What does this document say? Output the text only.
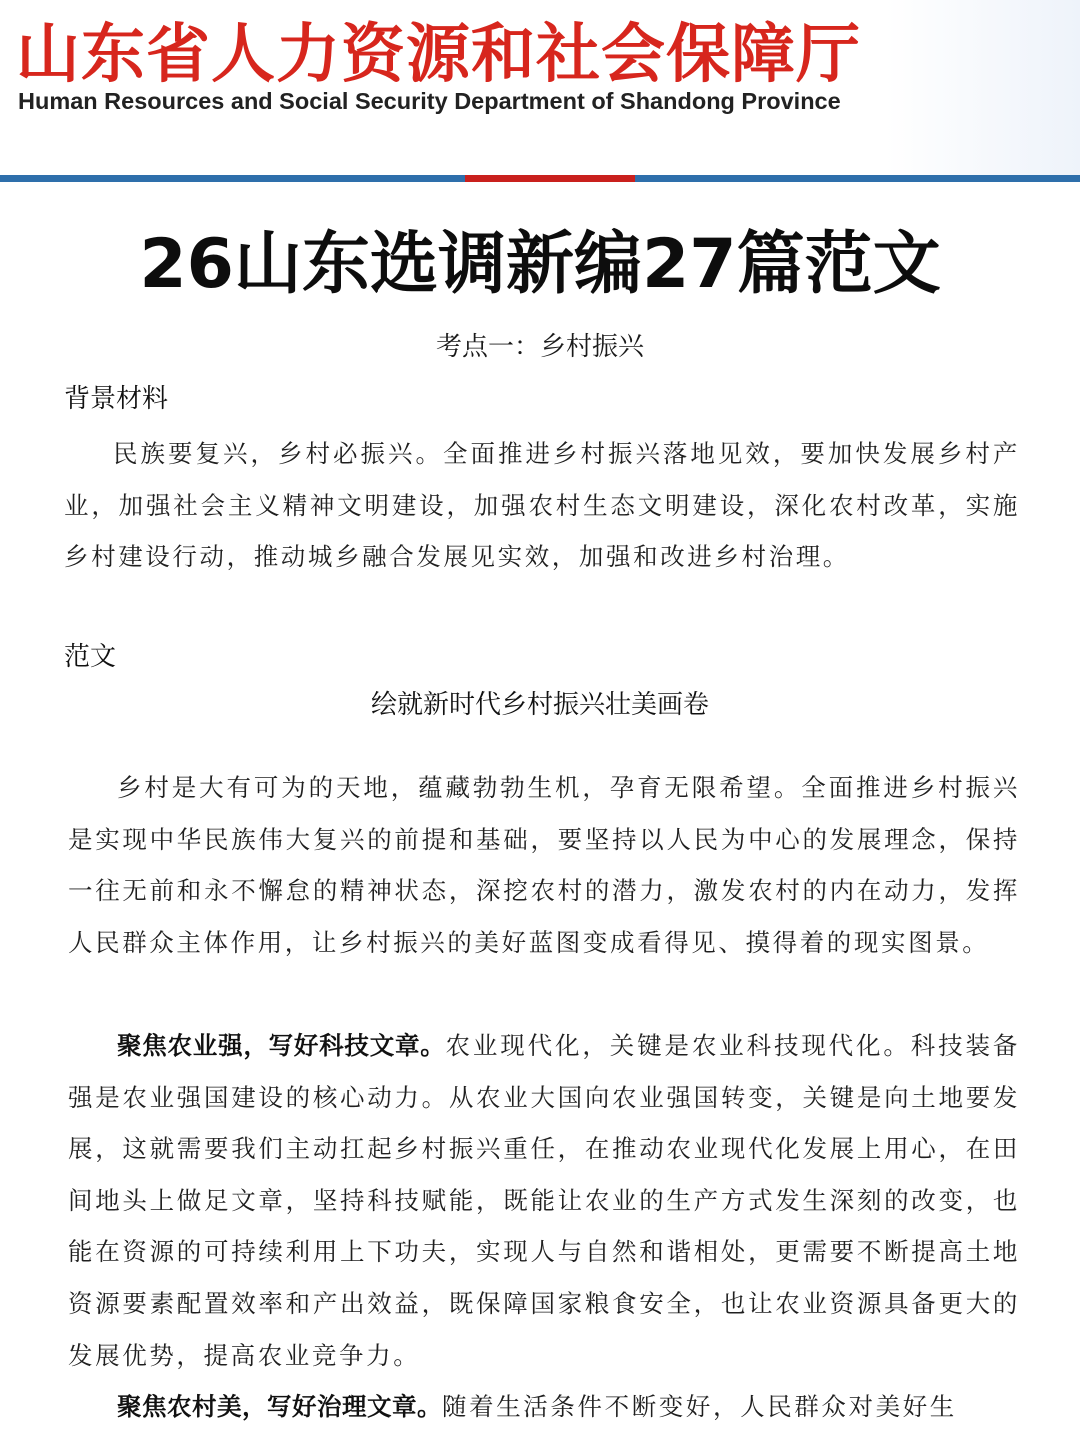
山东省人力资源和社会保障厅
Human Resources and Social Security Department of Shandong Province
26山东选调新编27篇范文
考点一：乡村振兴
背景材料

民族要复兴，乡村必振兴。全面推进乡村振兴落地见效，要加快发展乡村产业，加强社会主义精神文明建设，加强农村生态文明建设，深化农村改革，实施乡村建设行动，推动城乡融合发展见实效，加强和改进乡村治理。

范文
绘就新时代乡村振兴壮美画卷

乡村是大有可为的天地，蕴藏勃勃生机，孕育无限希望。全面推进乡村振兴是实现中华民族伟大复兴的前提和基础，要坚持以人民为中心的发展理念，保持一往无前和永不懈怠的精神状态，深挖农村的潜力，激发农村的内在动力，发挥人民群众主体作用，让乡村振兴的美好蓝图变成看得见、摸得着的现实图景。

聚焦农业强，写好科技文章。农业现代化，关键是农业科技现代化。科技装备强是农业强国建设的核心动力。从农业大国向农业强国转变，关键是向土地要发展，这就需要我们主动扛起乡村振兴重任，在推动农业现代化发展上用心，在田间地头上做足文章，坚持科技赋能，既能让农业的生产方式发生深刻的改变，也能在资源的可持续利用上下功夫，实现人与自然和谐相处，更需要不断提高土地资源要素配置效率和产出效益，既保障国家粮食安全，也让农业资源具备更大的发展优势，提高农业竞争力。

聚焦农村美，写好治理文章。随着生活条件不断变好，人民群众对美好生
